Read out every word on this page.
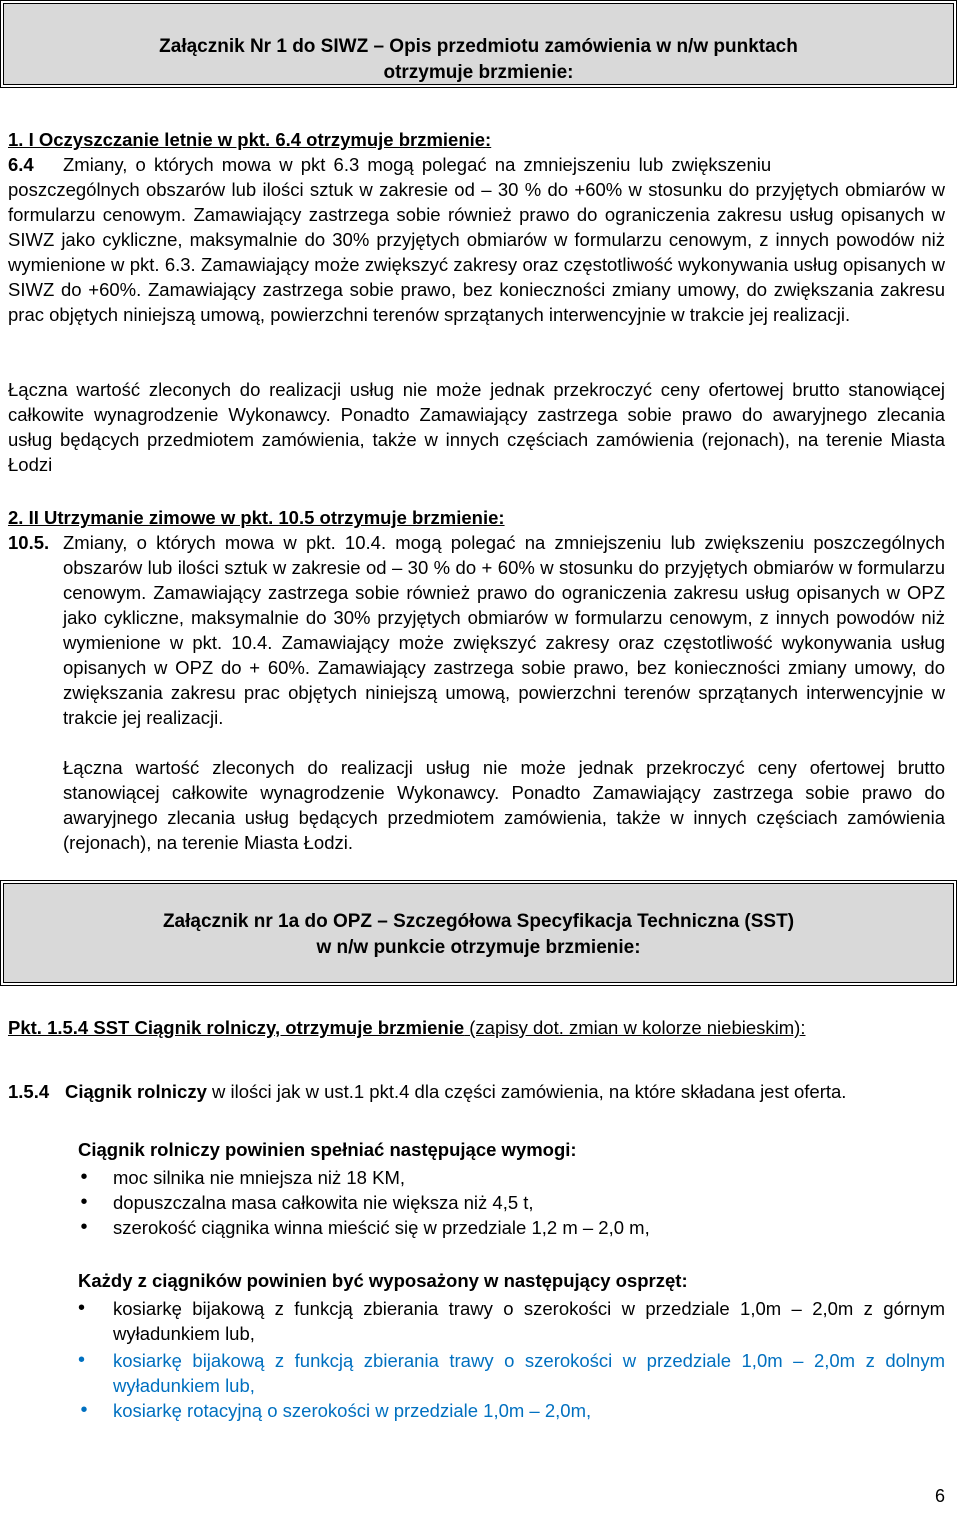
Załącznik Nr 1 do SIWZ – Opis przedmiotu zamówienia w n/w punktach
otrzymuje brzmienie:
1. I Oczyszczanie letnie w pkt. 6.4 otrzymuje brzmienie:
6.4 Zmiany, o których mowa w pkt 6.3 mogą polegać na zmniejszeniu lub zwiększeniu
poszczególnych obszarów lub ilości sztuk w zakresie od – 30 % do +60% w stosunku do przyjętych obmiarów w formularzu cenowym. Zamawiający zastrzega sobie również prawo do ograniczenia zakresu usług opisanych w SIWZ jako cykliczne, maksymalnie do 30% przyjętych obmiarów w formularzu cenowym, z innych powodów niż wymienione w pkt. 6.3. Zamawiający może zwiększyć zakresy oraz częstotliwość wykonywania usług opisanych w SIWZ do +60%. Zamawiający zastrzega sobie prawo, bez konieczności zmiany umowy, do zwiększania zakresu prac objętych niniejszą umową, powierzchni terenów sprzątanych interwencyjnie w trakcie jej realizacji.
Łączna wartość zleconych do realizacji usług nie może jednak przekroczyć ceny ofertowej brutto stanowiącej całkowite wynagrodzenie Wykonawcy. Ponadto Zamawiający zastrzega sobie prawo do awaryjnego zlecania usług będących przedmiotem zamówienia, także w innych częściach zamówienia (rejonach), na terenie Miasta Łodzi
2. II Utrzymanie zimowe w pkt. 10.5 otrzymuje brzmienie:
10.5. Zmiany, o których mowa w pkt. 10.4. mogą polegać na zmniejszeniu lub zwiększeniu poszczególnych obszarów lub ilości sztuk w zakresie od – 30 % do + 60% w stosunku do przyjętych obmiarów w formularzu cenowym. Zamawiający zastrzega sobie również prawo do ograniczenia zakresu usług opisanych w OPZ jako cykliczne, maksymalnie do 30% przyjętych obmiarów w formularzu cenowym, z innych powodów niż wymienione w pkt. 10.4. Zamawiający może zwiększyć zakresy oraz częstotliwość wykonywania usług opisanych w OPZ do + 60%. Zamawiający zastrzega sobie prawo, bez konieczności zmiany umowy, do zwiększania zakresu prac objętych niniejszą umową, powierzchni terenów sprzątanych interwencyjnie w trakcie jej realizacji.
Łączna wartość zleconych do realizacji usług nie może jednak przekroczyć ceny ofertowej brutto stanowiącej całkowite wynagrodzenie Wykonawcy. Ponadto Zamawiający zastrzega sobie prawo do awaryjnego zlecania usług będących przedmiotem zamówienia, także w innych częściach zamówienia (rejonach), na terenie Miasta Łodzi.
Załącznik nr 1a do OPZ – Szczegółowa Specyfikacja Techniczna (SST)
w n/w punkcie otrzymuje brzmienie:
Pkt. 1.5.4 SST Ciągnik rolniczy, otrzymuje brzmienie (zapisy dot. zmian w kolorze niebieskim):
1.5.4 Ciągnik rolniczy w ilości jak w ust.1 pkt.4 dla części zamówienia, na które składana jest oferta.
Ciągnik rolniczy powinien spełniać następujące wymogi:
• moc silnika nie mniejsza niż 18 KM,
• dopuszczalna masa całkowita nie większa niż 4,5 t,
• szerokość ciągnika winna mieścić się w przedziale 1,2 m – 2,0 m,
Każdy z ciągników powinien być wyposażony w następujący osprzęt:
• kosiarkę bijakową z funkcją zbierania trawy o szerokości w przedziale 1,0m – 2,0m z górnym wyładunkiem lub,
• kosiarkę bijakową z funkcją zbierania trawy o szerokości w przedziale 1,0m – 2,0m z dolnym wyładunkiem lub,
• kosiarkę rotacyjną o szerokości w przedziale 1,0m – 2,0m,
6
